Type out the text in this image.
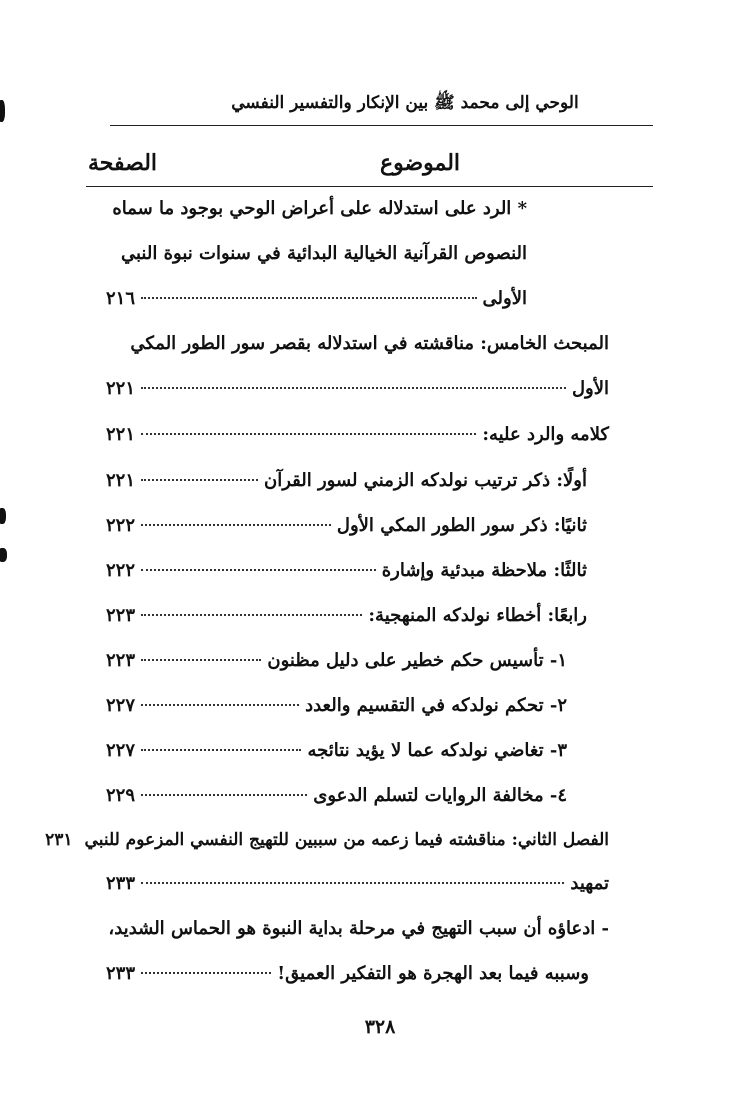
الوحي إلى محمد ﷺ بين الإنكار والتفسير النفسي
الموضوع
الصفحة
* الرد على استدلاله على أعراض الوحي بوجود ما سماه
النصوص القرآنية الخيالية البدائية في سنوات نبوة النبي
الأولى
٢١٦
المبحث الخامس: مناقشته في استدلاله بقصر سور الطور المكي
الأول
٢٢١
كلامه والرد عليه:
٢٢١
أولًا: ذكر ترتيب نولدكه الزمني لسور القرآن
٢٢١
ثانيًا: ذكر سور الطور المكي الأول
٢٢٢
ثالثًا: ملاحظة مبدئية وإشارة
٢٢٢
رابعًا: أخطاء نولدكه المنهجية:
٢٢٣
١- تأسيس حكم خطير على دليل مظنون
٢٢٣
٢- تحكم نولدكه في التقسيم والعدد
٢٢٧
٣- تغاضي نولدكه عما لا يؤيد نتائجه
٢٢٧
٤- مخالفة الروايات لتسلم الدعوى
٢٢٩
الفصل الثاني: مناقشته فيما زعمه من سببين للتهيج النفسي المزعوم للنبي
٢٣١
تمهيد
٢٣٣
- ادعاؤه أن سبب التهيج في مرحلة بداية النبوة هو الحماس الشديد،
وسببه فيما بعد الهجرة هو التفكير العميق!
٢٣٣
٣٢٨
